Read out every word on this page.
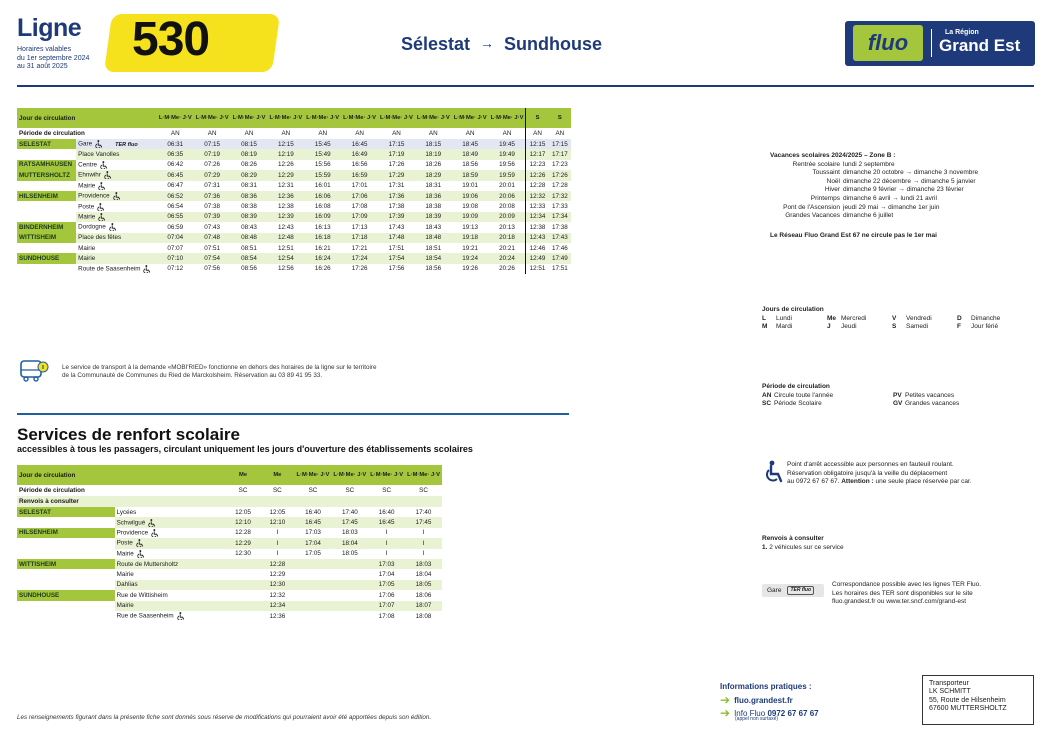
Ligne
Horaires valables
du 1er septembre 2024
au 31 août 2025
530	Sélestat → Sundhouse	fluo	La Région
Grand Est
Jour de circulation		L·M·Me· J·V	L·M·Me· J·V	L·M·Me· J·V	L·M·Me· J·V	L·M·Me· J·V	L·M·Me· J·V	L·M·Me· J·V	L·M·Me· J·V	L·M·Me· J·V	L·M·Me· J·V	S	S
Période de circulation		AN	AN	AN	AN	AN	AN	AN	AN	AN	AN	AN	AN
SELESTAT	Gare TER fluo	06:31	07:15	08:15	12:15	15:45	16:45	17:15	18:15	18:45	19:45	12:15	17:15
	Place Vanolles	06:35	07:19	08:19	12:19	15:49	16:49	17:19	18:19	18:49	19:49	12:17	17:17
RATSAMHAUSEN	Centre	06:42	07:26	08:26	12:26	15:56	16:56	17:26	18:26	18:56	19:56	12:23	17:23
MUTTERSHOLTZ	Ehnwihr	06:45	07:29	08:29	12:29	15:59	16:59	17:29	18:29	18:59	19:59	12:26	17:26
	Mairie	06:47	07:31	08:31	12:31	16:01	17:01	17:31	18:31	19:01	20:01	12:28	17:28
HILSENHEIM	Providence	06:52	07:36	08:36	12:36	16:06	17:06	17:36	18:36	19:06	20:06	12:32	17:32
	Poste	06:54	07:38	08:38	12:38	16:08	17:08	17:38	18:38	19:08	20:08	12:33	17:33
	Mairie	06:55	07:39	08:39	12:39	16:09	17:09	17:39	18:39	19:09	20:09	12:34	17:34
BINDERNHEIM	Dordogne	06:59	07:43	08:43	12:43	16:13	17:13	17:43	18:43	19:13	20:13	12:38	17:38
WITTISHEIM	Place des fêtes	07:04	07:48	08:48	12:48	16:18	17:18	17:48	18:48	19:18	20:18	12:43	17:43
	Mairie	07:07	07:51	08:51	12:51	16:21	17:21	17:51	18:51	19:21	20:21	12:46	17:46
SUNDHOUSE	Mairie	07:10	07:54	08:54	12:54	16:24	17:24	17:54	18:54	19:24	20:24	12:49	17:49
	Route de Saasenheim	07:12	07:56	08:56	12:56	16:26	17:26	17:56	18:56	19:26	20:26	12:51	17:51
Vacances scolaires 2024/2025 – Zone B :
Rentrée scolaire lundi 2 septembre
Toussaint dimanche 20 octobre → dimanche 3 novembre
Noël dimanche 22 décembre → dimanche 5 janvier
Hiver dimanche 9 février → dimanche 23 février
Printemps dimanche 6 avril → lundi 21 avril
Pont de l'Ascension jeudi 29 mai → dimanche 1er juin
Grandes Vacances dimanche 6 juillet
Le Réseau Fluo Grand Est 67 ne circule pas le 1er mai
Jours de circulation
L Lundi	Me Mercredi	V Vendredi	D Dimanche
M Mardi	J Jeudi	S Samedi	F Jour férié
Période de circulation
AN Circule toute l'année	PV Petites vacances
SC Période Scolaire	GV Grandes vacances
Le service de transport à la demande «MOBI'RIED» fonctionne en dehors des horaires de la ligne sur le territoire
de la Communauté de Communes du Ried de Marckolsheim. Réservation au 03 89 41 95 33.
Services de renfort scolaire
accessibles à tous les passagers, circulant uniquement les jours d'ouverture des établissements scolaires
Jour de circulation		Me	Me	L·M·Me· J·V	L·M·Me· J·V	L·M·Me· J·V	L·M·Me· J·V
Période de circulation		SC	SC	SC	SC	SC	SC
Renvois à consulter							
SELESTAT	Lycées	12:05	12:05	16:40	17:40	16:40	17:40
	Schwilgué	12:10	12:10	16:45	17:45	16:45	17:45
HILSENHEIM	Providence	12:28	I	17:03	18:03	I	I
	Poste	12:29	I	17:04	18:04	I	I
	Mairie	12:30	I	17:05	18:05	I	I
WITTISHEIM	Route de Muttersholtz		12:28			17:03	18:03
	Mairie		12:29			17:04	18:04
	Dahlias		12:30			17:05	18:05
SUNDHOUSE	Rue de Wittisheim		12:32			17:06	18:06
	Mairie		12:34			17:07	18:07
	Rue de Saasenheim		12:36			17:08	18:08
Point d'arrêt accessible aux personnes en fauteuil roulant.
Réservation obligatoire jusqu'à la veille du déplacement
au 0972 67 67 67. Attention : une seule place réservée par car.
Renvois à consulter
1. 2 véhicules sur ce service
Gare	TER fluo
Correspondance possible avec les lignes TER Fluo.
Les horaires des TER sont disponibles sur le site
fluo.grandest.fr ou www.ter.sncf.com/grand-est
Les renseignements figurant dans la présente fiche sont donnés sous réserve de modifications qui pourraient avoir été apportées depuis son édition.
Informations pratiques :
➔ fluo.grandest.fr
➔ Info Fluo
0972 67 67 67
(appel non surtaxé)
Transporteur
LK SCHMITT
55, Route de Hilsenheim
67600 MUTTERSHOLTZ
